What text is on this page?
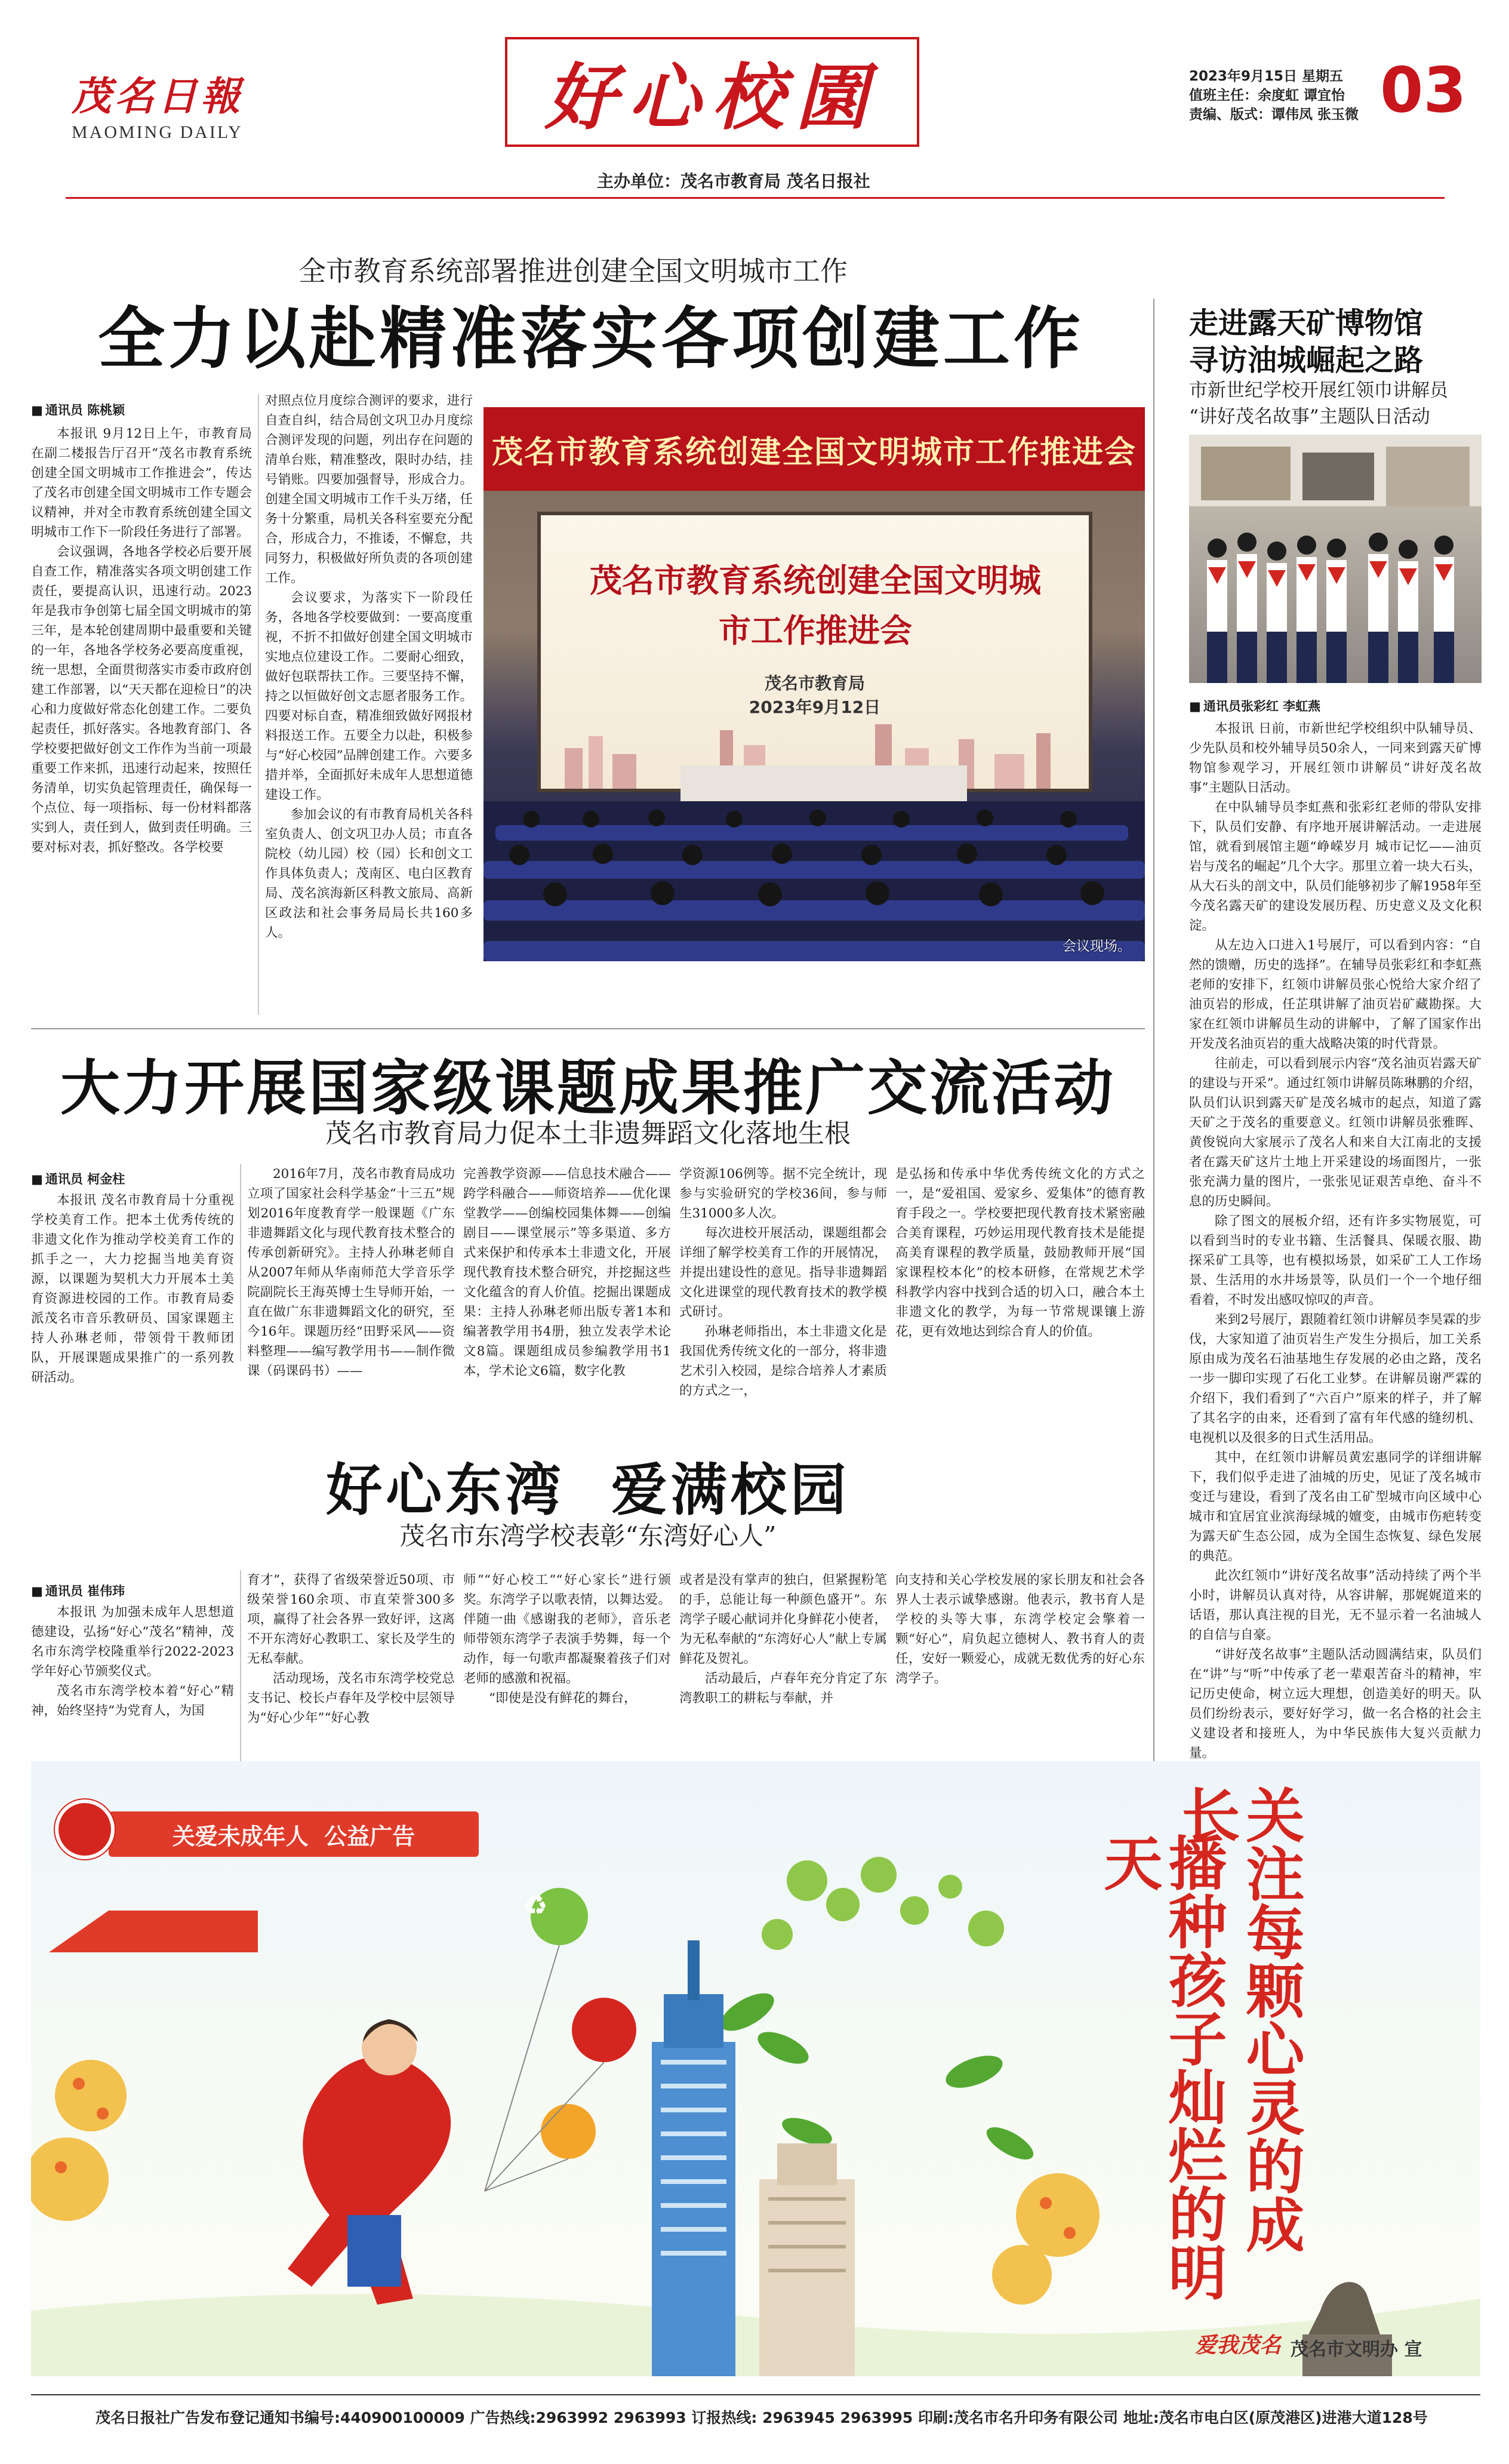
茂名日報
MAOMING DAILY	好心校園
主办单位：茂名市教育局 茂名日报社
2023年9月15日 星期五
值班主任：余度虹 谭宜怡
责编、版式：谭伟凤 张玉微 03
全市教育系统部署推进创建全国文明城市工作
全力以赴精准落实各项创建工作
■ 通讯员 陈桃颖

本报讯 9月12日上午，市教育局在副二楼报告厅召开“茂名市教育系统创建全国文明城市工作推进会”，传达了茂名市创建全国文明城市工作专题会议精神，并对全市教育系统创建全国文明城市工作下一阶段任务进行了部署。

会议强调，各地各学校必后要开展自查工作，精准落实各项文明创建工作责任，要提高认识，迅速行动。2023年是我市争创第七届全国文明城市的第三年，是本轮创建周期中最重要和关键的一年，各地各学校务必要高度重视，统一思想，全面贯彻落实市委市政府创建工作部署，以“天天都在迎检日”的决心和力度做好常态化创建工作。二要负起责任，抓好落实。各地教育部门、各学校要把做好创文工作作为当前一项最重要工作来抓，迅速行动起来，按照任务清单，切实负起管理责任，确保每一个点位、每一项指标、每一份材料都落实到人，责任到人，做到责任明确。三要对标对表，抓好整改。各学校要

对照点位月度综合测评的要求，进行自查自纠，结合局创文巩卫办月度综合测评发现的问题，列出存在问题的清单台账，精准整改，限时办结，挂号销账。四要加强督导，形成合力。创建全国文明城市工作千头万绪，任务十分繁重，局机关各科室要充分配合，形成合力，不推诿，不懈怠，共同努力，积极做好所负责的各项创建工作。

会议要求，为落实下一阶段任务，各地各学校要做到：一要高度重视，不折不扣做好创建全国文明城市实地点位建设工作。二要耐心细致，做好包联帮扶工作。三要坚持不懈，持之以恒做好创文志愿者服务工作。四要对标自查，精准细致做好网报材料报送工作。五要全力以赴，积极参与“好心校园”品牌创建工作。六要多措并举，全面抓好未成年人思想道德建设工作。

参加会议的有市教育局机关各科室负责人、创文巩卫办人员；市直各院校（幼儿园）校（园）长和创文工作具体负责人；茂南区、电白区教育局、茂名滨海新区科教文旅局、高新区政法和社会事务局局长共160多人。

茂名市教育系统创建全国文明城市工作推进会
茂名市教育系统创建全国文明城市工作推进会
茂名市教育局
2023年9月12日
会议现场。
走进露天矿博物馆
寻访油城崛起之路
市新世纪学校开展红领巾讲解员
“讲好茂名故事”主题队日活动
■ 通讯员张彩红 李虹燕

本报讯 日前，市新世纪学校组织中队辅导员、少先队员和校外辅导员50余人，一同来到露天矿博物馆参观学习，开展红领巾讲解员“讲好茂名故事”主题队日活动。

在中队辅导员李虹燕和张彩红老师的带队安排下，队员们安静、有序地开展讲解活动。一走进展馆，就看到展馆主题“峥嵘岁月 城市记忆——油页岩与茂名的崛起”几个大字。那里立着一块大石头，从大石头的剖文中，队员们能够初步了解1958年至今茂名露天矿的建设发展历程、历史意义及文化积淀。

从左边入口进入1号展厅，可以看到内容：“自然的馈赠，历史的选择”。在辅导员张彩红和李虹燕老师的安排下，红领巾讲解员张心悦给大家介绍了油页岩的形成，任芷琪讲解了油页岩矿藏勘探。大家在红领巾讲解员生动的讲解中，了解了国家作出开发茂名油页岩的重大战略决策的时代背景。

往前走，可以看到展示内容“茂名油页岩露天矿的建设与开采”。通过红领巾讲解员陈琳鹏的介绍，队员们认识到露天矿是茂名城市的起点，知道了露天矿之于茂名的重要意义。红领巾讲解员张雅晖、黄俊锐向大家展示了茂名人和来自大江南北的支援者在露天矿这片土地上开采建设的场面图片，一张张充满力量的图片，一张张见证艰苦卓绝、奋斗不息的历史瞬间。

除了图文的展板介绍，还有许多实物展览，可以看到当时的专业书籍、生活餐具、保暖衣服、勘探采矿工具等，也有模拟场景，如采矿工人工作场景、生活用的水井场景等，队员们一个一个地仔细看着，不时发出感叹惊叹的声音。

来到2号展厅，跟随着红领巾讲解员李昊霖的步伐，大家知道了油页岩生产发生分损后，加工关系原由成为茂名石油基地生存发展的必由之路，茂名一步一脚印实现了石化工业梦。在讲解员谢严霖的介绍下，我们看到了“六百户”原来的样子，并了解了其名字的由来，还看到了富有年代感的缝纫机、电视机以及很多的日式生活用品。

其中，在红领巾讲解员黄宏惠同学的详细讲解下，我们似乎走进了油城的历史，见证了茂名城市变迁与建设，看到了茂名由工矿型城市向区域中心城市和宜居宜业滨海绿城的嬗变，由城市伤疤转变为露天矿生态公园，成为全国生态恢复、绿色发展的典范。

此次红领巾“讲好茂名故事”活动持续了两个半小时，讲解员认真对待，从容讲解，那娓娓道来的话语，那认真注视的目光，无不显示着一名油城人的自信与自豪。

“讲好茂名故事”主题队活动圆满结束，队员们在“讲”与“听”中传承了老一辈艰苦奋斗的精神，牢记历史使命，树立远大理想，创造美好的明天。队员们纷纷表示，要好好学习，做一名合格的社会主义建设者和接班人，为中华民族伟大复兴贡献力量。

大力开展国家级课题成果推广交流活动
茂名市教育局力促本土非遗舞蹈文化落地生根
■ 通讯员 柯金柱

本报讯 茂名市教育局十分重视学校美育工作。把本土优秀传统的非遗文化作为推动学校美育工作的抓手之一，大力挖掘当地美育资源，以课题为契机大力开展本土美育资源进校园的工作。市教育局委派茂名市音乐教研员、国家课题主持人孙琳老师，带领骨干教师团队，开展课题成果推广的一系列教研活动。

2016年7月，茂名市教育局成功立项了国家社会科学基金“十三五”规划2016年度教育学一般课题《广东非遗舞蹈文化与现代教育技术整合的传承创新研究》。主持人孙琳老师自从2007年师从华南师范大学音乐学院副院长王海英博士生导师开始，一直在做广东非遗舞蹈文化的研究，至今16年。课题历经“田野采风——资料整理——编写教学用书——制作微课（码课码书）——

完善教学资源——信息技术融合——跨学科融合——师资培养——优化课堂教学——创编校园集体舞——创编剧目——课堂展示”等多渠道、多方式来保护和传承本土非遗文化，开展现代教育技术整合研究，并挖掘这些文化蕴含的育人价值。挖掘出课题成果：主持人孙琳老师出版专著1本和编著教学用书4册，独立发表学术论文8篇。课题组成员参编教学用书1本，学术论文6篇，数字化教

学资源106例等。据不完全统计，现参与实验研究的学校36间，参与师生31000多人次。

每次进校开展活动，课题组都会详细了解学校美育工作的开展情况，并提出建设性的意见。指导非遗舞蹈文化进课堂的现代教育技术的教学模式研讨。

孙琳老师指出，本土非遗文化是我国优秀传统文化的一部分，将非遗艺术引入校园，是综合培养人才素质的方式之一，

是弘扬和传承中华优秀传统文化的方式之一，是“爱祖国、爱家乡、爱集体”的德育教育手段之一。学校要把现代教育技术紧密融合美育课程，巧妙运用现代教育技术是能提高美育课程的教学质量，鼓励教师开展“国家课程校本化”的校本研修，在常规艺术学科教学内容中找到合适的切入口，融合本土非遗文化的教学，为每一节常规课镶上游花，更有效地达到综合育人的价值。

好心东湾  爱满校园
茂名市东湾学校表彰“东湾好心人”
■ 通讯员 崔伟玮

本报讯 为加强未成年人思想道德建设，弘扬“好心”茂名”精神，茂名市东湾学校隆重举行2022-2023学年好心节颁奖仪式。

茂名市东湾学校本着“好心”精神，始终坚持“为党育人，为国

育才”，获得了省级荣誉近50项、市级荣誉160余项、市直荣誉300多项，赢得了社会各界一致好评，这离不开东湾好心教职工、家长及学生的无私奉献。

活动现场，茂名市东湾学校党总支书记、校长卢春年及学校中层领导为“好心少年”“好心教

师”“好心校工”“好心家长”进行颁奖。东湾学子以歌表情，以舞达爱。伴随一曲《感谢我的老师》，音乐老师带领东湾学子表演手势舞，每一个动作，每一句歌声都凝聚着孩子们对老师的感激和祝福。

“即使是没有鲜花的舞台，

或者是没有掌声的独白，但紧握粉笔的手，总能让每一种颜色盛开”。东湾学子暖心献词并化身鲜花小使者，为无私奉献的“东湾好心人”献上专属鲜花及贺礼。

活动最后，卢春年充分肯定了东湾教职工的耕耘与奉献，并

向支持和关心学校发展的家长朋友和社会各界人士表示诚挚感谢。他表示，教书育人是学校的头等大事，东湾学校定会擎着一颗“好心”，肩负起立德树人、教书育人的责任，安好一颗爱心，成就无数优秀的好心东湾学子。

关爱未成年人  公益广告
♻	播种孩子灿烂的明天	关注每颗心灵的成长
爱我茂名 茂名市文明办 宣
茂名日报社广告发布登记通知书编号:440900100009 广告热线:2963992 2963993 订报热线: 2963945 2963995 印刷:茂名市名升印务有限公司 地址:茂名市电白区(原茂港区)进港大道128号
